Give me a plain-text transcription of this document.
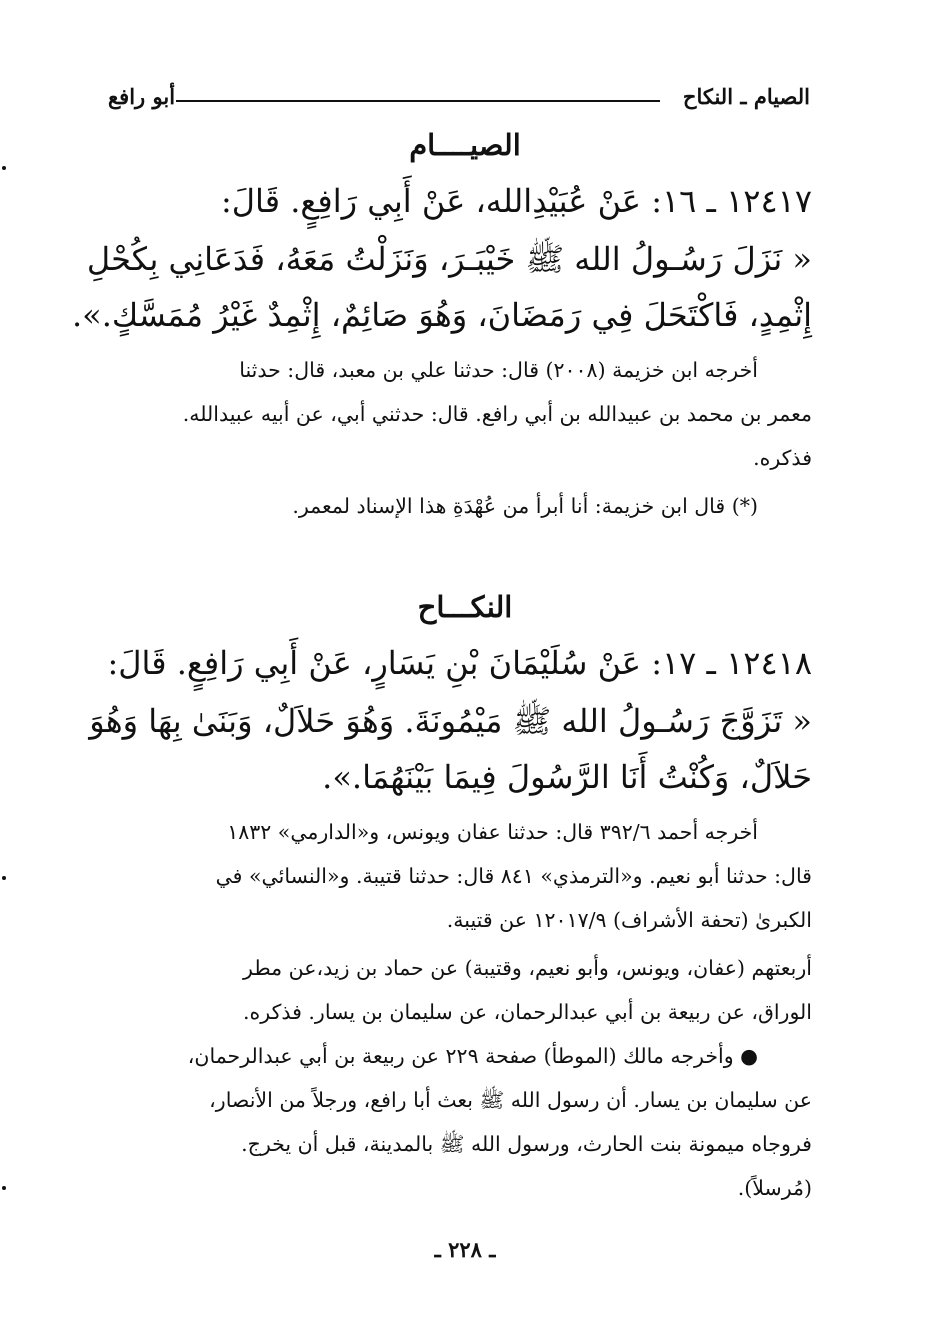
الصيام ـ النكاح
أبو رافع
الصيــــام
١٢٤١٧ ـ ١٦: عَنْ عُبَيْدِالله، عَنْ أَبِي رَافِعٍ. قَالَ:
« نَزَلَ رَسُـولُ الله ﷺ خَيْبَـرَ، وَنَزَلْتُ مَعَهُ، فَدَعَانِي بِكُحْلِ
إِثْمِدٍ، فَاكْتَحَلَ فِي رَمَضَانَ، وَهُوَ صَائِمٌ، إِثْمِدٌ غَيْرُ مُمَسَّكٍ.».
أخرجه ابن خزيمة (٢٠٠٨) قال: حدثنا علي بن معبد، قال: حدثنا
معمر بن محمد بن عبيدالله بن أبي رافع. قال: حدثني أبي، عن أبيه عبيدالله.
فذكره.
(*) قال ابن خزيمة: أنا أبرأ من عُهْدَةِ هذا الإسناد لمعمر.
النكـــاح
١٢٤١٨ ـ ١٧: عَنْ سُلَيْمَانَ بْنِ يَسَارٍ، عَنْ أَبِي رَافِعٍ. قَالَ:
« تَزَوَّجَ رَسُـولُ الله ﷺ مَيْمُونَةَ. وَهُوَ حَلاَلٌ، وَبَنَىٰ بِهَا وَهُوَ
حَلاَلٌ، وَكُنْتُ أَنَا الرَّسُولَ فِيمَا بَيْنَهُمَا.».
أخرجه أحمد ٣٩٢/٦ قال: حدثنا عفان ويونس، و«الدارمي» ١٨٣٢
قال: حدثنا أبو نعيم. و«الترمذي» ٨٤١ قال: حدثنا قتيبة. و«النسائي» في
الكبرىٰ (تحفة الأشراف) ١٢٠١٧/٩ عن قتيبة.
أربعتهم (عفان، ويونس، وأبو نعيم، وقتيبة) عن حماد بن زيد،عن مطر
الوراق، عن ربيعة بن أبي عبدالرحمان، عن سليمان بن يسار. فذكره.
● وأخرجه مالك (الموطأ) صفحة ٢٢٩ عن ربيعة بن أبي عبدالرحمان،
عن سليمان بن يسار. أن رسول الله ﷺ بعث أبا رافع، ورجلاً من الأنصار،
فروجاه ميمونة بنت الحارث، ورسول الله ﷺ بالمدينة، قبل أن يخرج.
(مُرسلاً).
ـ ٢٢٨ ـ
